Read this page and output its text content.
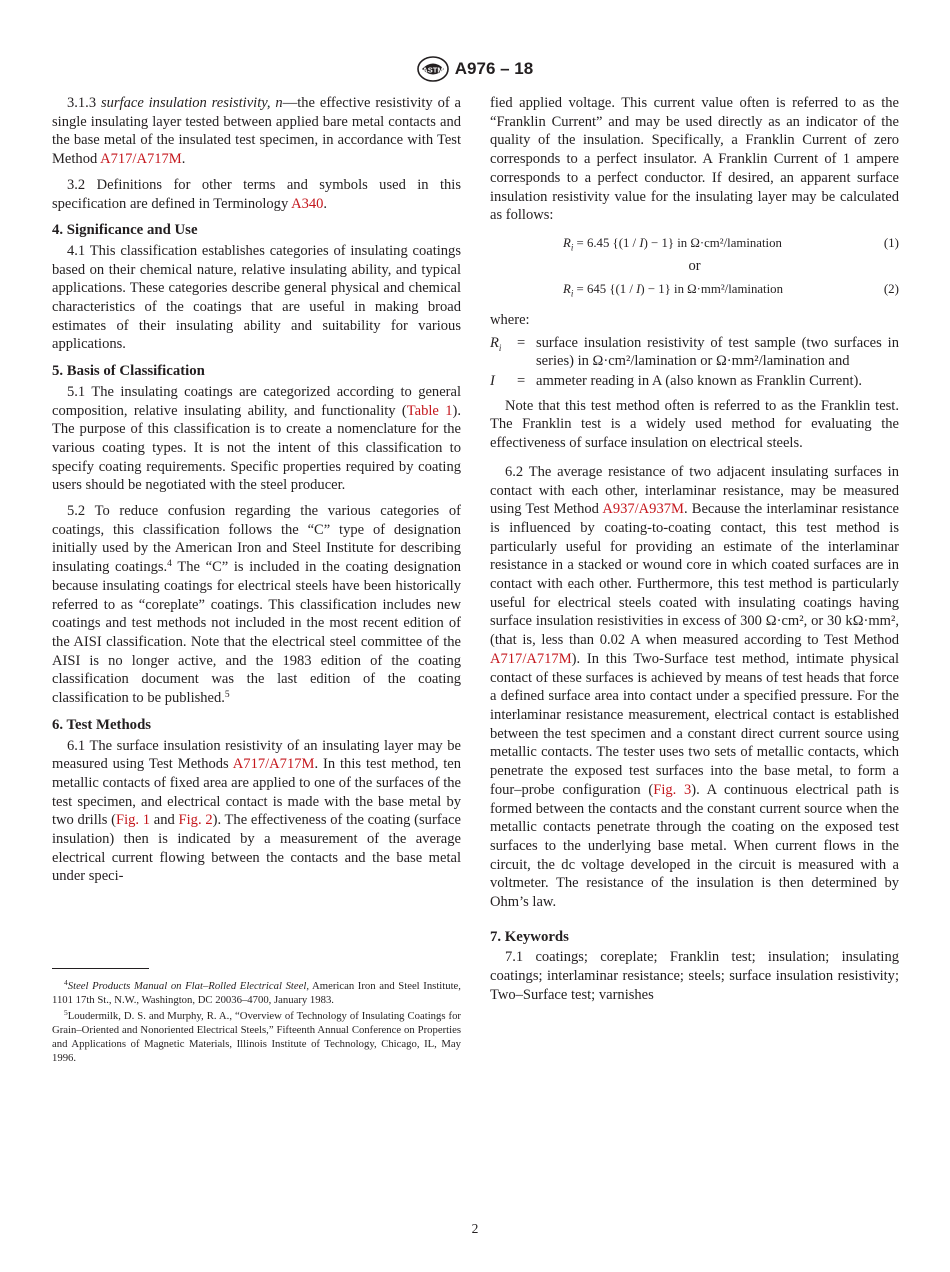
ASTM A976 – 18

3.1.3 surface insulation resistivity, n—the effective resistivity of a single insulating layer tested between applied bare metal contacts and the base metal of the insulated test specimen, in accordance with Test Method A717/A717M.

3.2 Definitions for other terms and symbols used in this specification are defined in Terminology A340.

4. Significance and Use

4.1 This classification establishes categories of insulating coatings based on their chemical nature, relative insulating ability, and typical applications. These categories describe general physical and chemical characteristics of the coatings that are useful in making broad estimates of their insulating ability and suitability for various applications.

5. Basis of Classification

5.1 The insulating coatings are categorized according to general composition, relative insulating ability, and functionality (Table 1). The purpose of this classification is to create a nomenclature for the various coating types. It is not the intent of this classification to specify coating requirements. Specific properties required by coating users should be negotiated with the steel producer.

5.2 To reduce confusion regarding the various categories of coatings, this classification follows the “C” type of designation initially used by the American Iron and Steel Institute for describing insulating coatings.$^4$ The “C” is included in the coating designation because insulating coatings for electrical steels have been historically referred to as “coreplate” coatings. This classification includes new coatings and test methods not included in the most recent edition of the AISI classification. Note that the electrical steel committee of the AISI is no longer active, and the 1983 edition of the coating classification document was the last edition of the coating classification to be published.$^5$

6. Test Methods

6.1 The surface insulation resistivity of an insulating layer may be measured using Test Methods A717/A717M. In this test method, ten metallic contacts of fixed area are applied to one of the surfaces of the test specimen, and electrical contact is made with the base metal by two drills (Fig. 1 and Fig. 2). The effectiveness of the coating (surface insulation) then is indicated by a measurement of the average electrical current flowing between the contacts and the base metal under speci-

fied applied voltage. This current value often is referred to as the “Franklin Current” and may be used directly as an indicator of the quality of the insulation. Specifically, a Franklin Current of zero corresponds to a perfect insulator. A Franklin Current of 1 ampere corresponds to a perfect conductor. If desired, an apparent surface insulation resistivity value for the insulating layer may be calculated as follows:

$R_i = 6.45$ {(1 / I) − 1} in Ω·cm²/lamination	(1)
or
$R_i = 645$ {(1 / I) − 1} in Ω·mm²/lamination	(2)
where:
$R_i$ = surface insulation resistivity of test sample (two surfaces in series) in Ω·cm²/lamination or Ω·mm²/lamination and
I = ammeter reading in A (also known as Franklin Current).

Note that this test method often is referred to as the Franklin test. The Franklin test is a widely used method for evaluating the effectiveness of surface insulation on electrical steels.

6.2 The average resistance of two adjacent insulating surfaces in contact with each other, interlaminar resistance, may be measured using Test Method A937/A937M. Because the interlaminar resistance is influenced by coating-to-coating contact, this test method is particularly useful for providing an estimate of the interlaminar resistance in a stacked or wound core in which coated surfaces are in contact with each other. Furthermore, this test method is particularly useful for electrical steels coated with insulating coatings having surface insulation resistivities in excess of 300 Ω·cm², or 30 kΩ·mm², (that is, less than 0.02 A when measured according to Test Method A717/A717M). In this Two-Surface test method, intimate physical contact of these surfaces is achieved by means of test heads that force a defined surface area into contact under a specified pressure. For the interlaminar resistance measurement, electrical contact is established between the test specimen and a constant direct current source using metallic contacts. The tester uses two sets of metallic contacts, which penetrate the exposed test surfaces into the base metal, to form a four–probe configuration (Fig. 3). A continuous electrical path is formed between the contacts and the constant current source when the metallic contacts penetrate through the coating on the exposed test surfaces to the underlying base metal. When current flows in the circuit, the dc voltage developed in the circuit is measured with a voltmeter. The resistance of the insulation is then determined by Ohm’s law.

7. Keywords

7.1 coatings; coreplate; Franklin test; insulation; insulating coatings; interlaminar resistance; steels; surface insulation resistivity; Two–Surface test; varnishes

$^4$Steel Products Manual on Flat–Rolled Electrical Steel, American Iron and Steel Institute, 1101 17th St., N.W., Washington, DC 20036–4700, January 1983.

$^5$Loudermilk, D. S. and Murphy, R. A., “Overview of Technology of Insulating Coatings for Grain–Oriented and Nonoriented Electrical Steels,” Fifteenth Annual Conference on Properties and Applications of Magnetic Materials, Illinois Institute of Technology, Chicago, IL, May 1996.

2
